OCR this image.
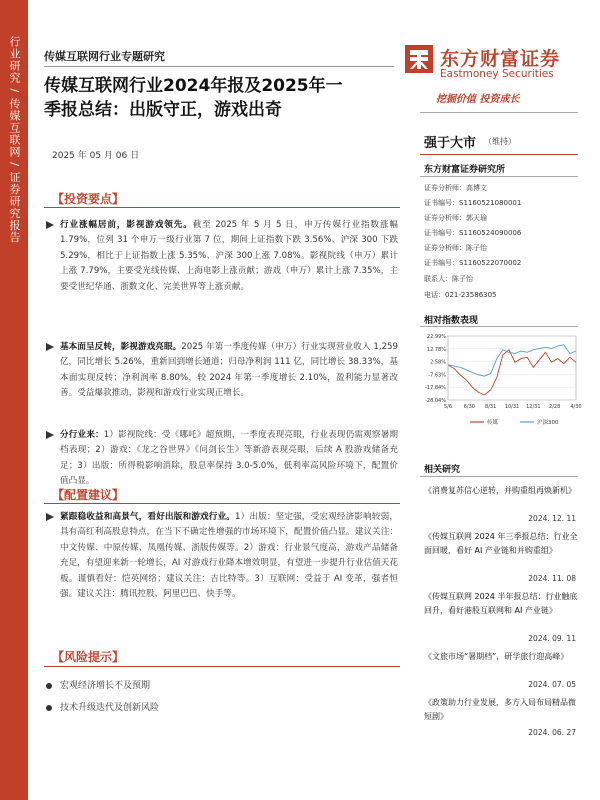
行业研究 / 传媒互联网 / 证券研究报告 传媒互联网行业专题研究
传媒互联网行业2024年报及2025年一
季报总结：出版守正，游戏出奇
2025 年 05 月 06 日
东方财富证券
Eastmoney Securities
挖掘价值 投资成长
【投资要点】
行业涨幅居前，影视游戏领先。截至 2025 年 5 月 5 日，申万传媒行业指数涨幅 1.79%，位列 31 个申万一级行业第 7 位，期间上证指数下跌 3.56%、沪深 300 下跌 5.29%，相比于上证指数上涨 5.35%、沪深 300上涨 7.08%。影视院线（申万）累计上涨 7.79%，主要受光线传媒、上海电影上涨贡献；游戏（申万）累计上涨 7.35%，主要受世纪华通、浙数文化、完美世界等上涨贡献。
基本面呈反转，影视游戏亮眼。2025 年第一季度传媒（申万）行业实现营业收入 1,259 亿，同比增长 5.26%，重新回到增长通道；归母净利润 111 亿，同比增长 38.33%，基本面实现反转；净利润率 8.80%，较 2024 年第一季度增长 2.10%，盈利能力显著改善。受益爆款推动，影视和游戏行业实现正增长。
分行业来：1）影视院线：受《哪吒》超预期，一季度表现亮眼，行业表现仍需观察暑期档表现；2）游戏：《龙之谷世界》《问剑长生》等新游表现亮眼，后续 A 股游戏储备充足；3）出版：所得税影响消除，股息率保持 3.0-5.0%，低利率高风险环境下，配置价值凸显。
【配置建议】
紧跟稳收益和高景气，看好出版和游戏行业。1）出版：坚定强，受宏观经济影响较弱，具有高红利高股息特点，在当下不确定性增强的市场环境下，配置价值凸显。建议关注：中文传媒、中原传媒、凤凰传媒、浙版传媒等。2）游戏：行业景气度高，游戏产品储备充足，有望迎来新一轮增长，AI 对游戏行业降本增效明显，有望进一步提升行业估值天花板。谨慎看好：恺英网络；建议关注：吉比特等。3）互联网：受益于 AI 变革，强者恒强。建议关注：腾讯控股、阿里巴巴、快手等。
【风险提示】
宏观经济增长不及预期
技术升级迭代及创新风险
强于大市 （维持）
东方财富证券研究所
证券分析师：高博文
证书编号：S1160521080001
证券分析师：郭天瑜
证书编号：S1160524090006
证券分析师：陈子怡
证书编号：S1160522070002
联系人：陈子怡
电话：021-23586305
相对指数表现
22.99%
12.78%
2.58%
-7.63%
-17.84%
-28.04%
5/6 6/30 8/31 10/31 12/31 2/28 4/30
传媒	沪深300
相关研究
《消费复苏信心逆转，并购重组再焕新机》
2024. 12. 11
《传媒互联网 2024 年三季报总结：行业全面回暖，看好 AI 产业链和并购重组》
2024. 11. 08
《传媒互联网 2024 半年报总结：行业触底回升，看好港股互联网和 AI 产业链》
2024. 09. 11
《文旅市场“暑期档”，研学旅行迎高峰》
2024. 07. 05
《政策助力行业发展，多方入局布局精品微短剧》
2024. 06. 27
